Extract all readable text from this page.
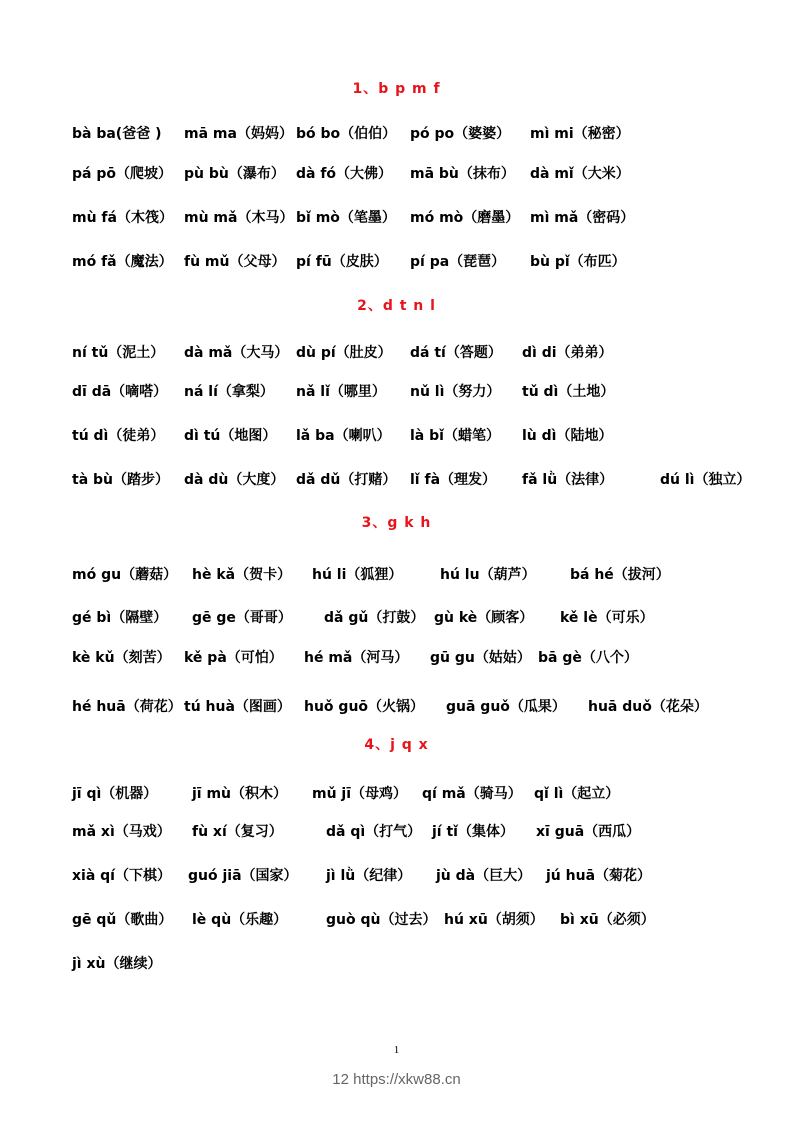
1、b p m f
bà ba(爸爸 ) mā ma（妈妈） bó bo（伯伯） pó po（婆婆） mì mi（秘密）
pá pō（爬坡） pù bù（瀑布） dà fó（大佛） mā bù（抹布） dà mǐ（大米）
mù fá（木筏） mù mǎ（木马） bǐ mò（笔墨） mó mò（磨墨） mì mǎ（密码）
mó fǎ（魔法） fù mǔ（父母） pí fū（皮肤） pí pa（琵琶） bù pǐ（布匹）
2、d t n l
ní tǔ（泥土） dà mǎ（大马） dù pí（肚皮） dá tí（答题） dì di（弟弟）
dī dā（嘀嗒） ná lí（拿梨） nǎ lǐ（哪里） nǔ lì（努力） tǔ dì（土地）
tú dì（徒弟） dì tú（地图） lǎ ba（喇叭） là bǐ（蜡笔） lù dì（陆地）
tà bù（踏步） dà dù（大度） dǎ dǔ（打赌） lǐ fà（理发） fǎ lǜ（法律）	dú lì（独立）
3、g k h
mó gu（蘑菇） hè kǎ（贺卡） hú li（狐狸）	hú lu（葫芦） bá hé（拔河）
gé bì（隔壁） gē ge（哥哥） dǎ gǔ（打鼓） gù kè（顾客） kě lè（可乐）
kè kǔ（刻苦） kě pà（可怕） hé mǎ（河马） gū gu（姑姑） bā gè（八个）
hé huā（荷花） tú huà（图画） huǒ guō（火锅） guā guǒ（瓜果） huā duǒ（花朵）
4、j q x
jī qì（机器） jī mù（积木） mǔ jī（母鸡） qí mǎ（骑马） qǐ lì（起立）
mǎ xì（马戏） fù xí（复习）	dǎ qì（打气） jí tǐ（集体） xī guā（西瓜）
xià qí（下棋） guó jiā（国家） jì lǜ（纪律） jù dà（巨大） jú huā（菊花）
gē qǔ（歌曲） lè qù（乐趣）	guò qù（过去） hú xū（胡须） bì xū（必须）
jì xù（继续）
1
12 https://xkw88.cn
